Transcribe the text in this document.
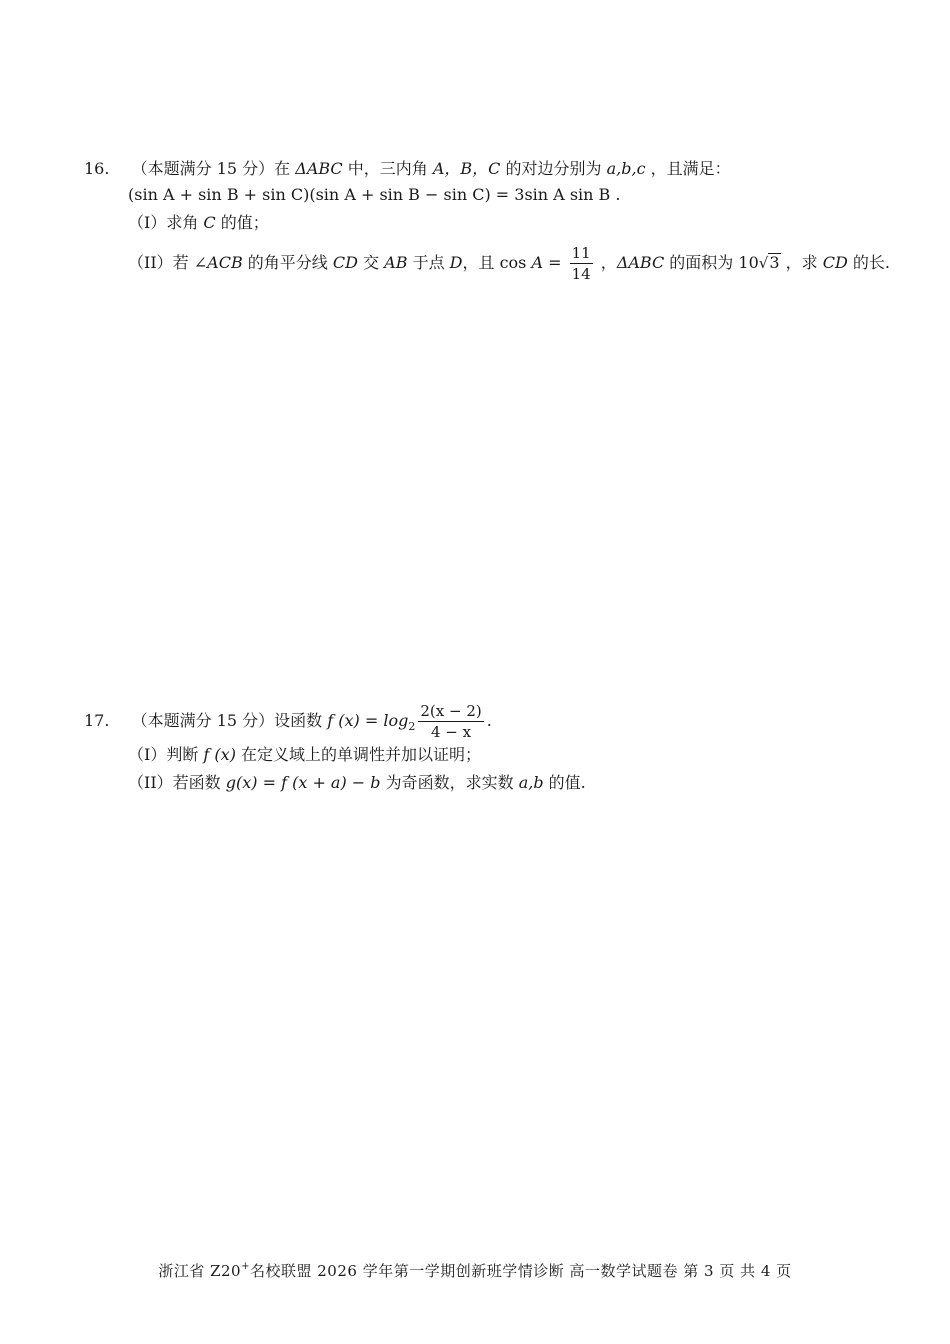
16. （本题满分 15 分）在 ΔABC 中，三内角 A，B，C 的对边分别为 a,b,c ，且满足：
(sin A + sin B + sin C)(sin A + sin B − sin C) = 3sin A sin B .
（I）求角 C 的值；
（II）若 ∠ACB 的角平分线 CD 交 AB 于点 D，且 $\cos A = \frac{11}{14}$ ，ΔABC 的面积为 10√3 ，求 CD 的长.
17. （本题满分 15 分）设函数 f $(x) = \log_2 \frac{2(x - 2)}{4 - x}$ .
（I）判断 f (x) 在定义域上的单调性并加以证明；
（II）若函数 g(x) = f (x + a) − b 为奇函数，求实数 a,b 的值.
浙江省 Z20+名校联盟 2026 学年第一学期创新班学情诊断 高一数学试题卷 第 3 页 共 4 页
